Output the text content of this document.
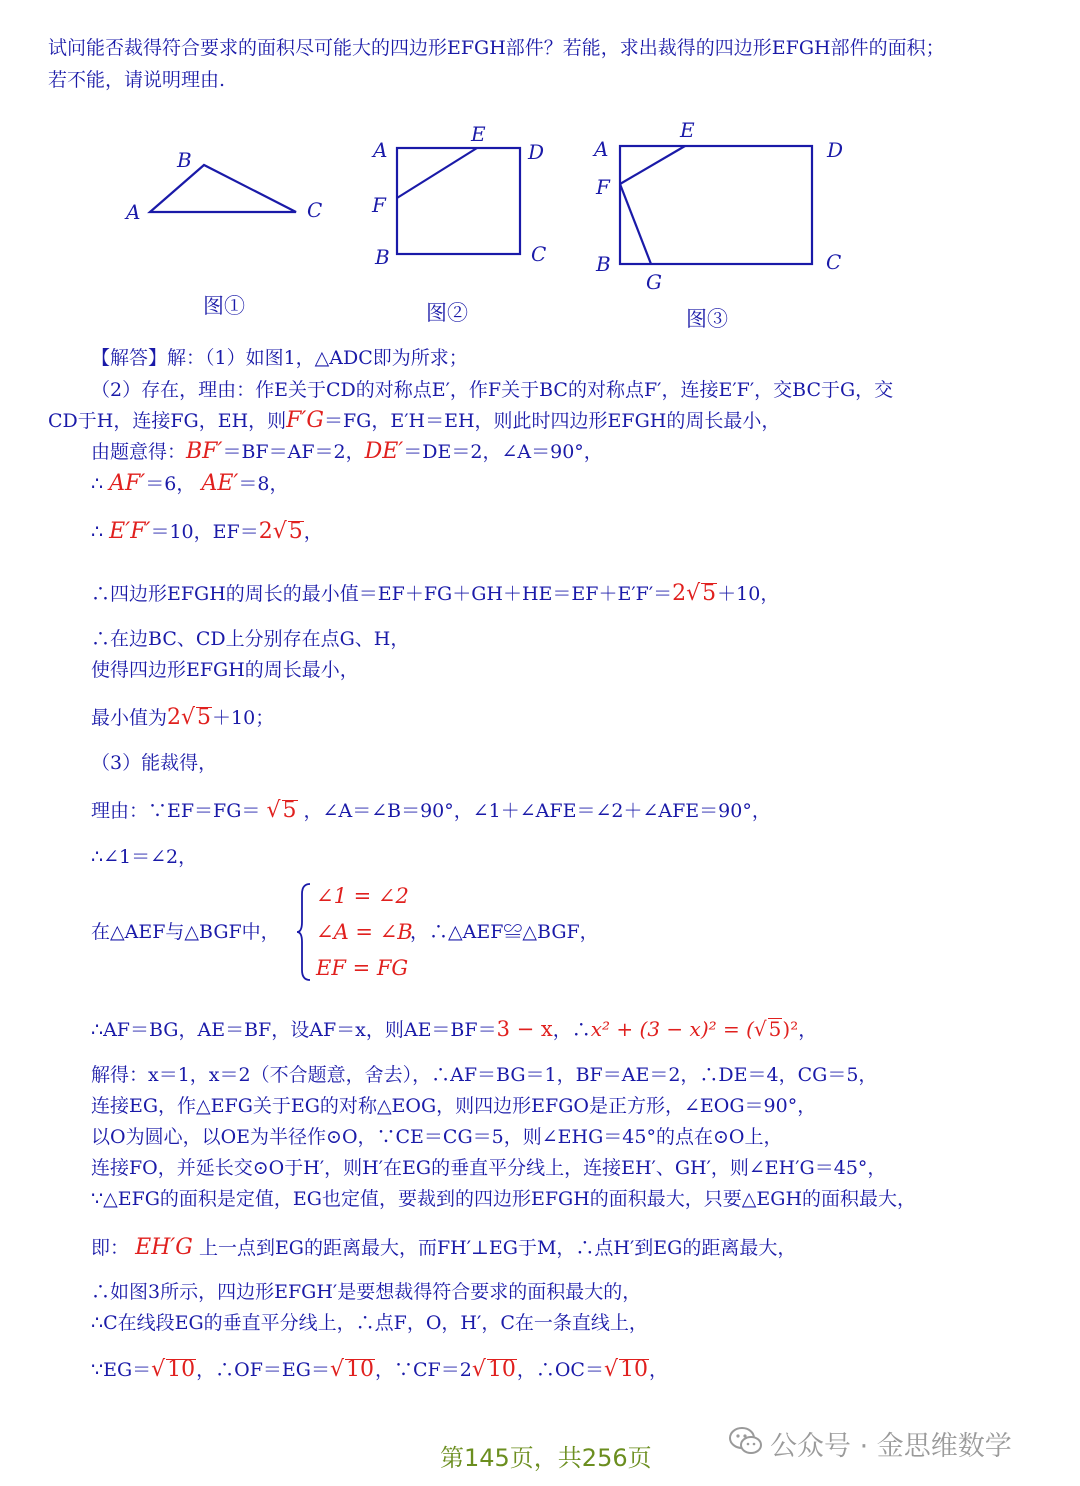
试问能否裁得符合要求的面积尽可能大的四边形EFGH部件？若能，求出裁得的四边形EFGH部件的面积；
若不能，请说明理由.
A
B
C
图①
A
E
D
F
B	C
图②
A
E
D
F
B
G
C
图③
【解答】解：（1）如图1，△ADC即为所求；
（2）存在，理由：作E关于CD的对称点E′，作F关于BC的对称点F′，连接E′F′，交BC于G，交
CD于H，连接FG，EH，则F′G＝FG，E′H＝EH，则此时四边形EFGH的周长最小，
由题意得：BF′＝BF＝AF＝2，DE′＝DE＝2，∠A＝90°，
∴ AF′＝6， AE′＝8，
∴ E′F′＝10，EF＝2√5，
∴四边形EFGH的周长的最小值＝EF＋FG＋GH＋HE＝EF＋E′F′＝2√5＋10，
∴在边BC、CD上分别存在点G、H，
使得四边形EFGH的周长最小，
最小值为2√5＋10；
（3）能裁得，
理由：∵EF＝FG＝ √5 ，∠A＝∠B＝90°，∠1＋∠AFE＝∠2＋∠AFE＝90°，
∴∠1＝∠2，
在△AEF与△BGF中，
∠1 = ∠2
∠A = ∠B
EF = FG
，∴△AEF≌△BGF，
∴AF＝BG，AE＝BF，设AF＝x，则AE＝BF＝3 − x，∴x² + (3 − x)² = (√ 5)²，
解得：x＝1，x＝2（不合题意，舍去），∴AF＝BG＝1，BF＝AE＝2，∴DE＝4，CG＝5，
连接EG，作△EFG关于EG的对称△EOG，则四边形EFGO是正方形，∠EOG＝90°，
以O为圆心，以OE为半径作⊙O，∵CE＝CG＝5，则∠EHG＝45°的点在⊙O上，
连接FO，并延长交⊙O于H′，则H′在EG的垂直平分线上，连接EH′、GH′，则∠EH′G＝45°，
∵△EFG的面积是定值，EG也定值，要裁到的四边形EFGH的面积最大，只要△EGH的面积最大，
即： EH′G 上一点到EG的距离最大，而FH′⊥EG于M，∴点H′到EG的距离最大，
∴如图3所示，四边形EFGH′是要想裁得符合要求的面积最大的，
∴C在线段EG的垂直平分线上，∴点F，O，H′，C在一条直线上，
∵EG＝√10，∴OF＝EG＝√10，∵CF＝2√10，∴OC＝√10，
第145页，共256页	公众号 · 金思维数学
